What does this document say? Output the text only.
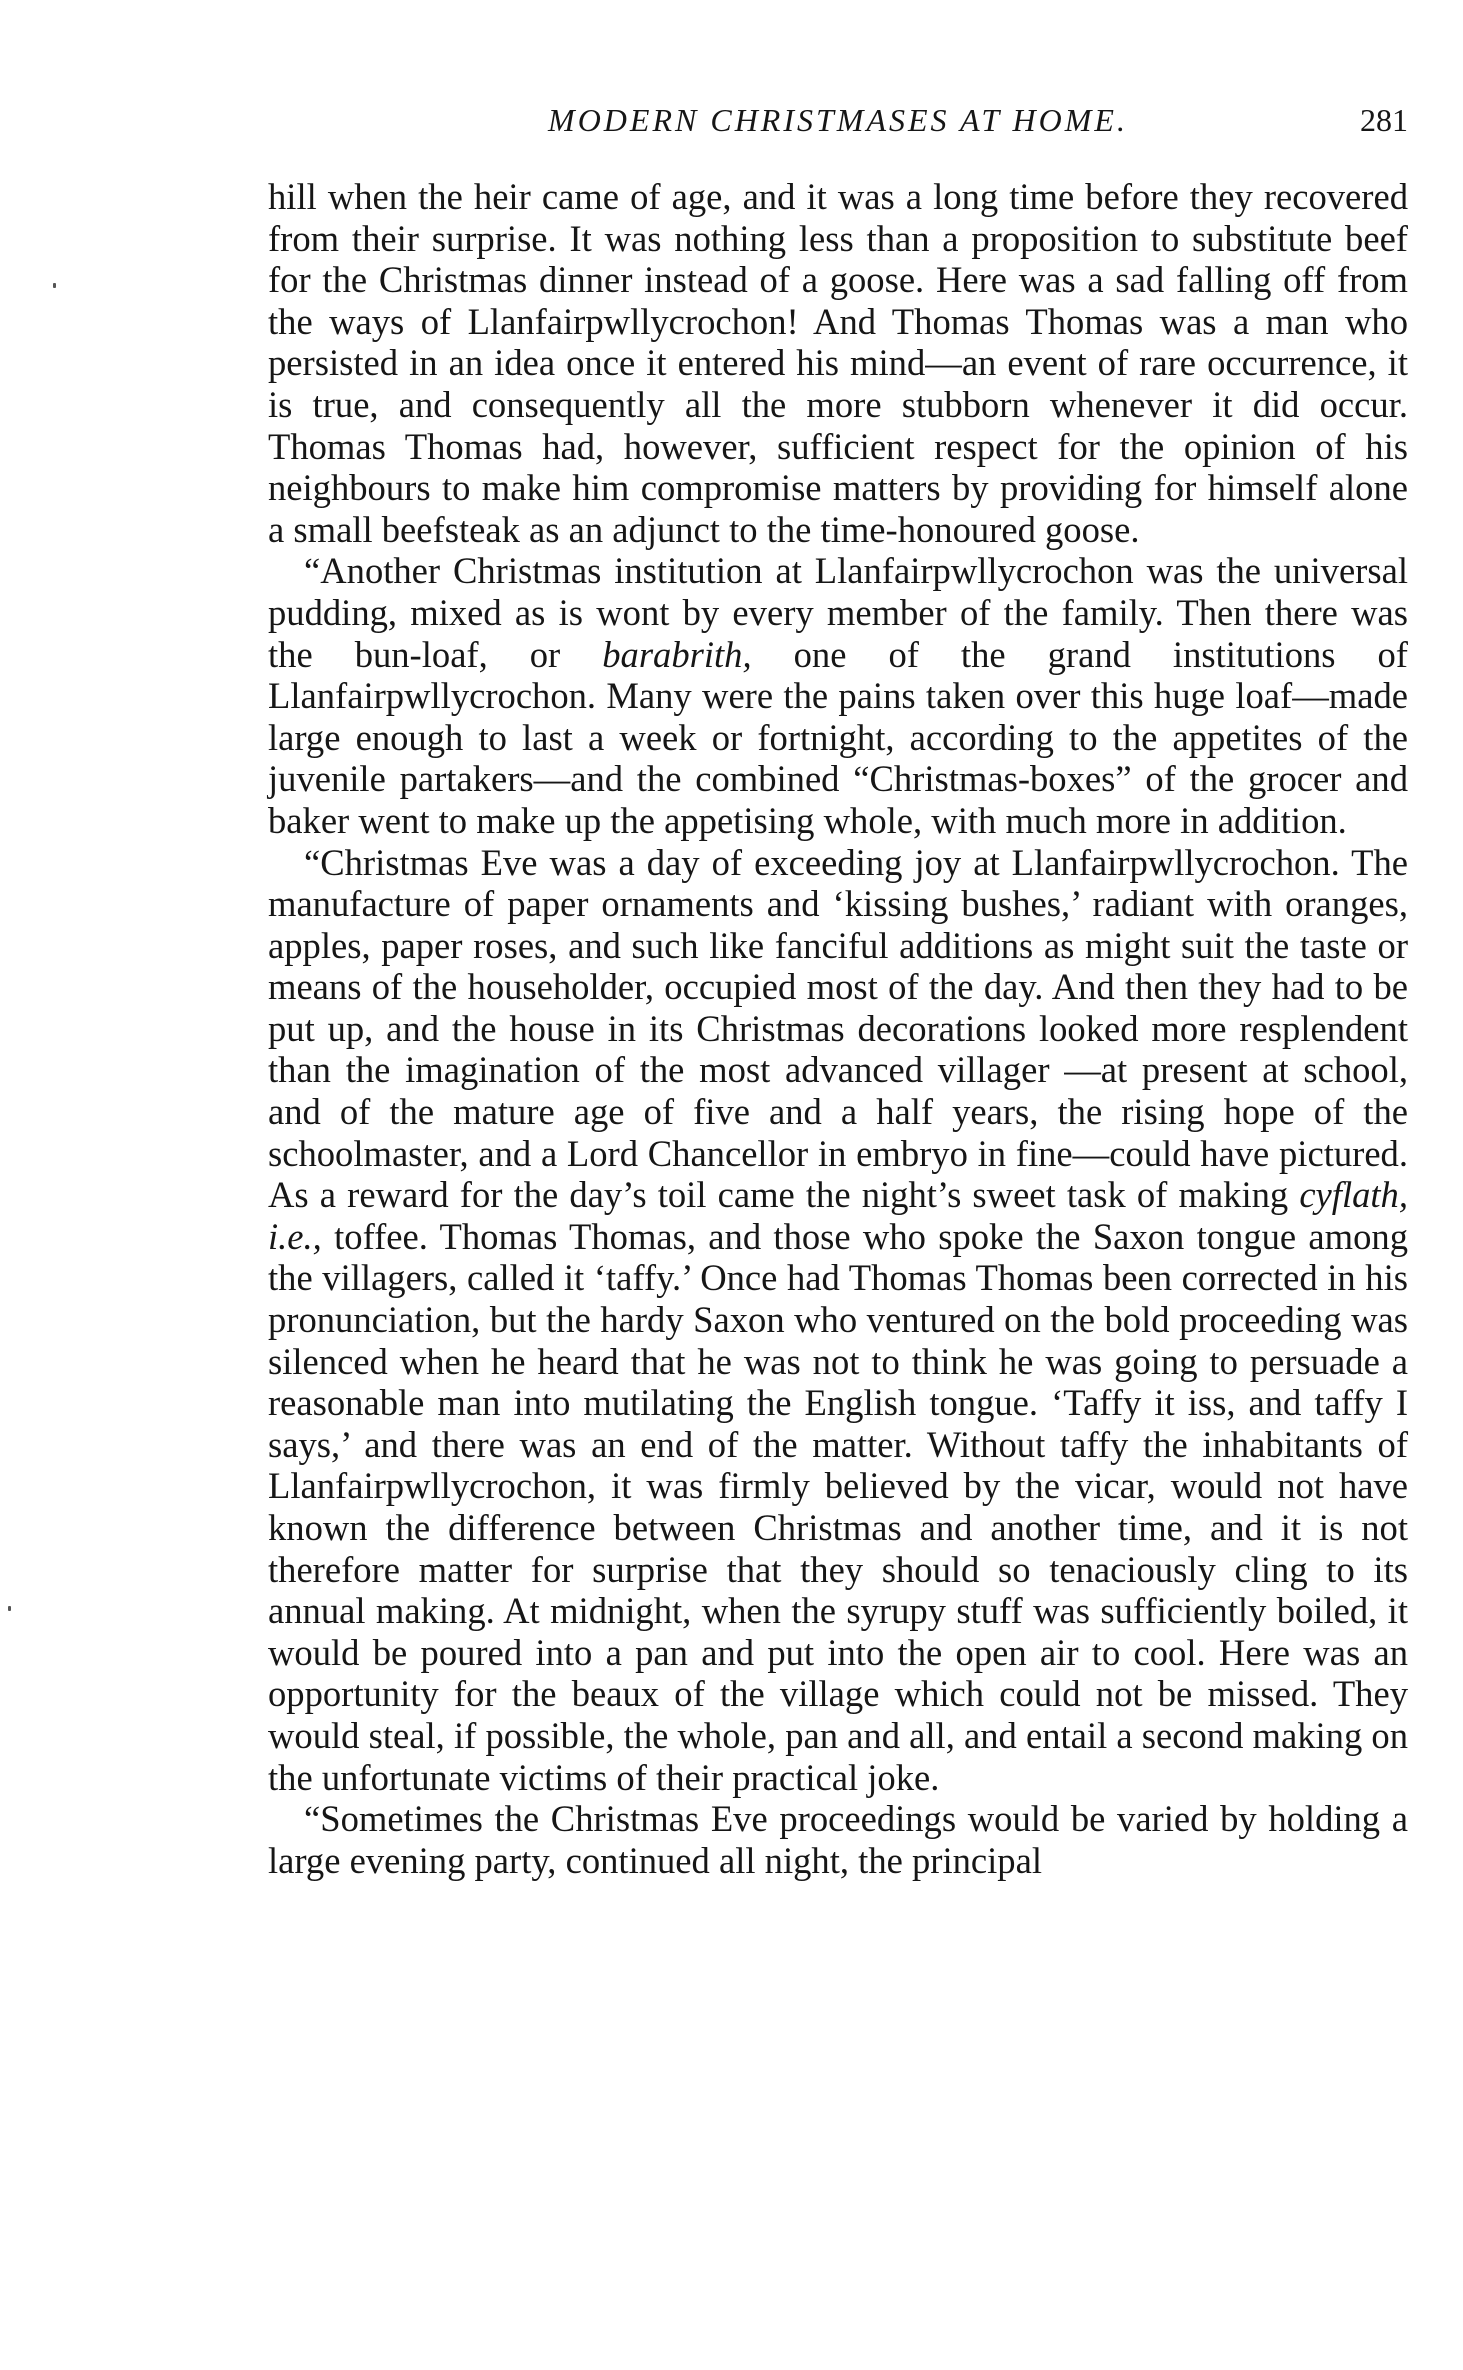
MODERN CHRISTMASES AT HOME.	281

hill when the heir came of age, and it was a long time before they recovered from their surprise. It was nothing less than a proposition to substitute beef for the Christmas dinner instead of a goose. Here was a sad falling off from the ways of Llanfairpwllycrochon! And Thomas Thomas was a man who persisted in an idea once it entered his mind—an event of rare occurrence, it is true, and consequently all the more stubborn whenever it did occur. Thomas Thomas had, however, sufficient respect for the opinion of his neighbours to make him compromise matters by providing for himself alone a small beefsteak as an adjunct to the time-honoured goose.

“Another Christmas institution at Llanfairpwllycrochon was the universal pudding, mixed as is wont by every member of the family. Then there was the bun-loaf, or barabrith, one of the grand institutions of Llanfairpwllycrochon. Many were the pains taken over this huge loaf—made large enough to last a week or fortnight, according to the appetites of the juvenile partakers—and the combined “Christmas-boxes” of the grocer and baker went to make up the appetising whole, with much more in addition.

“Christmas Eve was a day of exceeding joy at Llanfairpwllycrochon. The manufacture of paper ornaments and ‘kissing bushes,’ radiant with oranges, apples, paper roses, and such like fanciful additions as might suit the taste or means of the householder, occupied most of the day. And then they had to be put up, and the house in its Christmas decorations looked more resplendent than the imagination of the most advanced villager —at present at school, and of the mature age of five and a half years, the rising hope of the schoolmaster, and a Lord Chancellor in embryo in fine—could have pictured. As a reward for the day’s toil came the night’s sweet task of making cyflath, i.e., toffee. Thomas Thomas, and those who spoke the Saxon tongue among the villagers, called it ‘taffy.’ Once had Thomas Thomas been corrected in his pronunciation, but the hardy Saxon who ventured on the bold proceeding was silenced when he heard that he was not to think he was going to persuade a reasonable man into mutilating the English tongue. ‘Taffy it iss, and taffy I says,’ and there was an end of the matter. Without taffy the inhabitants of Llanfairpwllycrochon, it was firmly believed by the vicar, would not have known the difference between Christmas and another time, and it is not therefore matter for surprise that they should so tenaciously cling to its annual making. At midnight, when the syrupy stuff was sufficiently boiled, it would be poured into a pan and put into the open air to cool. Here was an opportunity for the beaux of the village which could not be missed. They would steal, if possible, the whole, pan and all, and entail a second making on the unfortunate victims of their practical joke.

“Sometimes the Christmas Eve proceedings would be varied by holding a large evening party, continued all night, the principal
